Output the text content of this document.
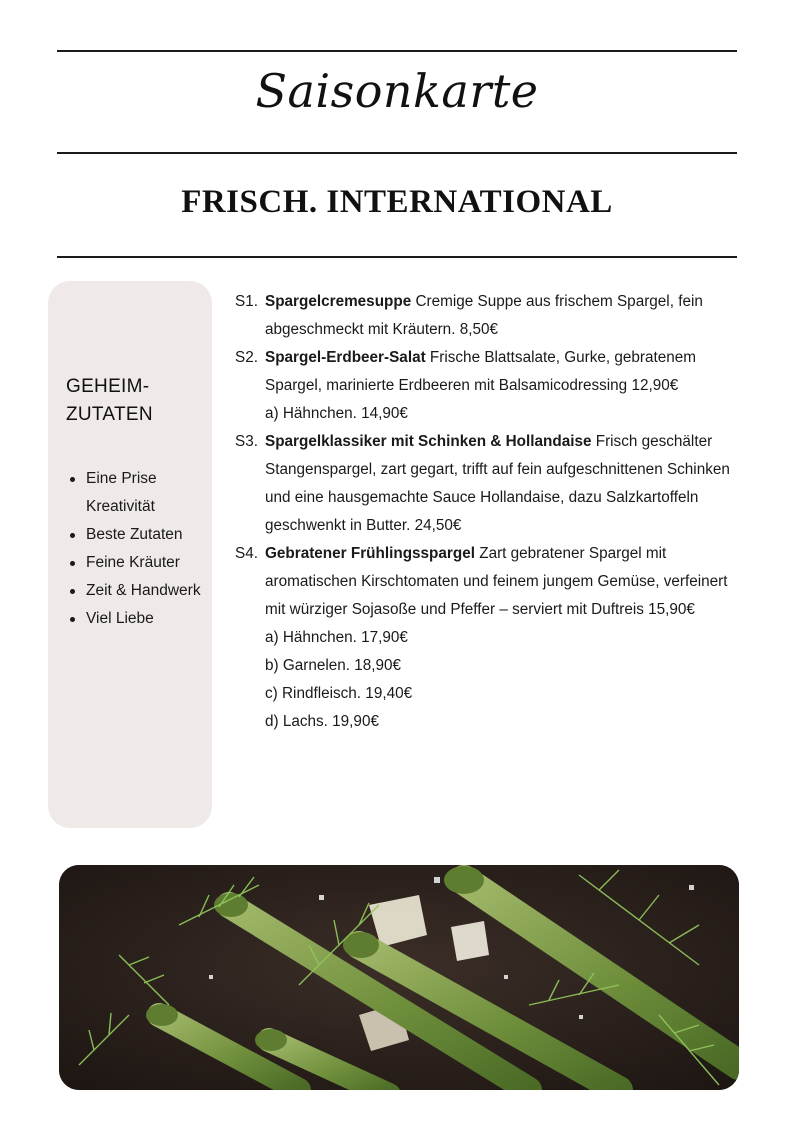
Saisonkarte
FRISCH. INTERNATIONAL
GEHEIM-
ZUTATEN
Eine Prise Kreativität
Beste Zutaten
Feine Kräuter
Zeit & Handwerk
Viel Liebe
S1. Spargelcremesuppe Cremige Suppe aus frischem Spargel, fein abgeschmeckt mit Kräutern. 8,50€
S2. Spargel-Erdbeer-Salat Frische Blattsalate, Gurke, gebratenem Spargel, marinierte Erdbeeren mit Balsamicodressing 12,90€
a) Hähnchen. 14,90€
S3. Spargelklassiker mit Schinken & Hollandaise Frisch geschälter Stangenspargel, zart gegart, trifft auf fein aufgeschnittenen Schinken und eine hausgemachte Sauce Hollandaise, dazu Salzkartoffeln geschwenkt in Butter. 24,50€
S4. Gebratener Frühlingsspargel Zart gebratener Spargel mit aromatischen Kirschtomaten und feinem jungem Gemüse, verfeinert mit würziger Sojasoße und Pfeffer – serviert mit Duftreis 15,90€
a) Hähnchen. 17,90€
b) Garnelen. 18,90€
c) Rindfleisch. 19,40€
d) Lachs. 19,90€
